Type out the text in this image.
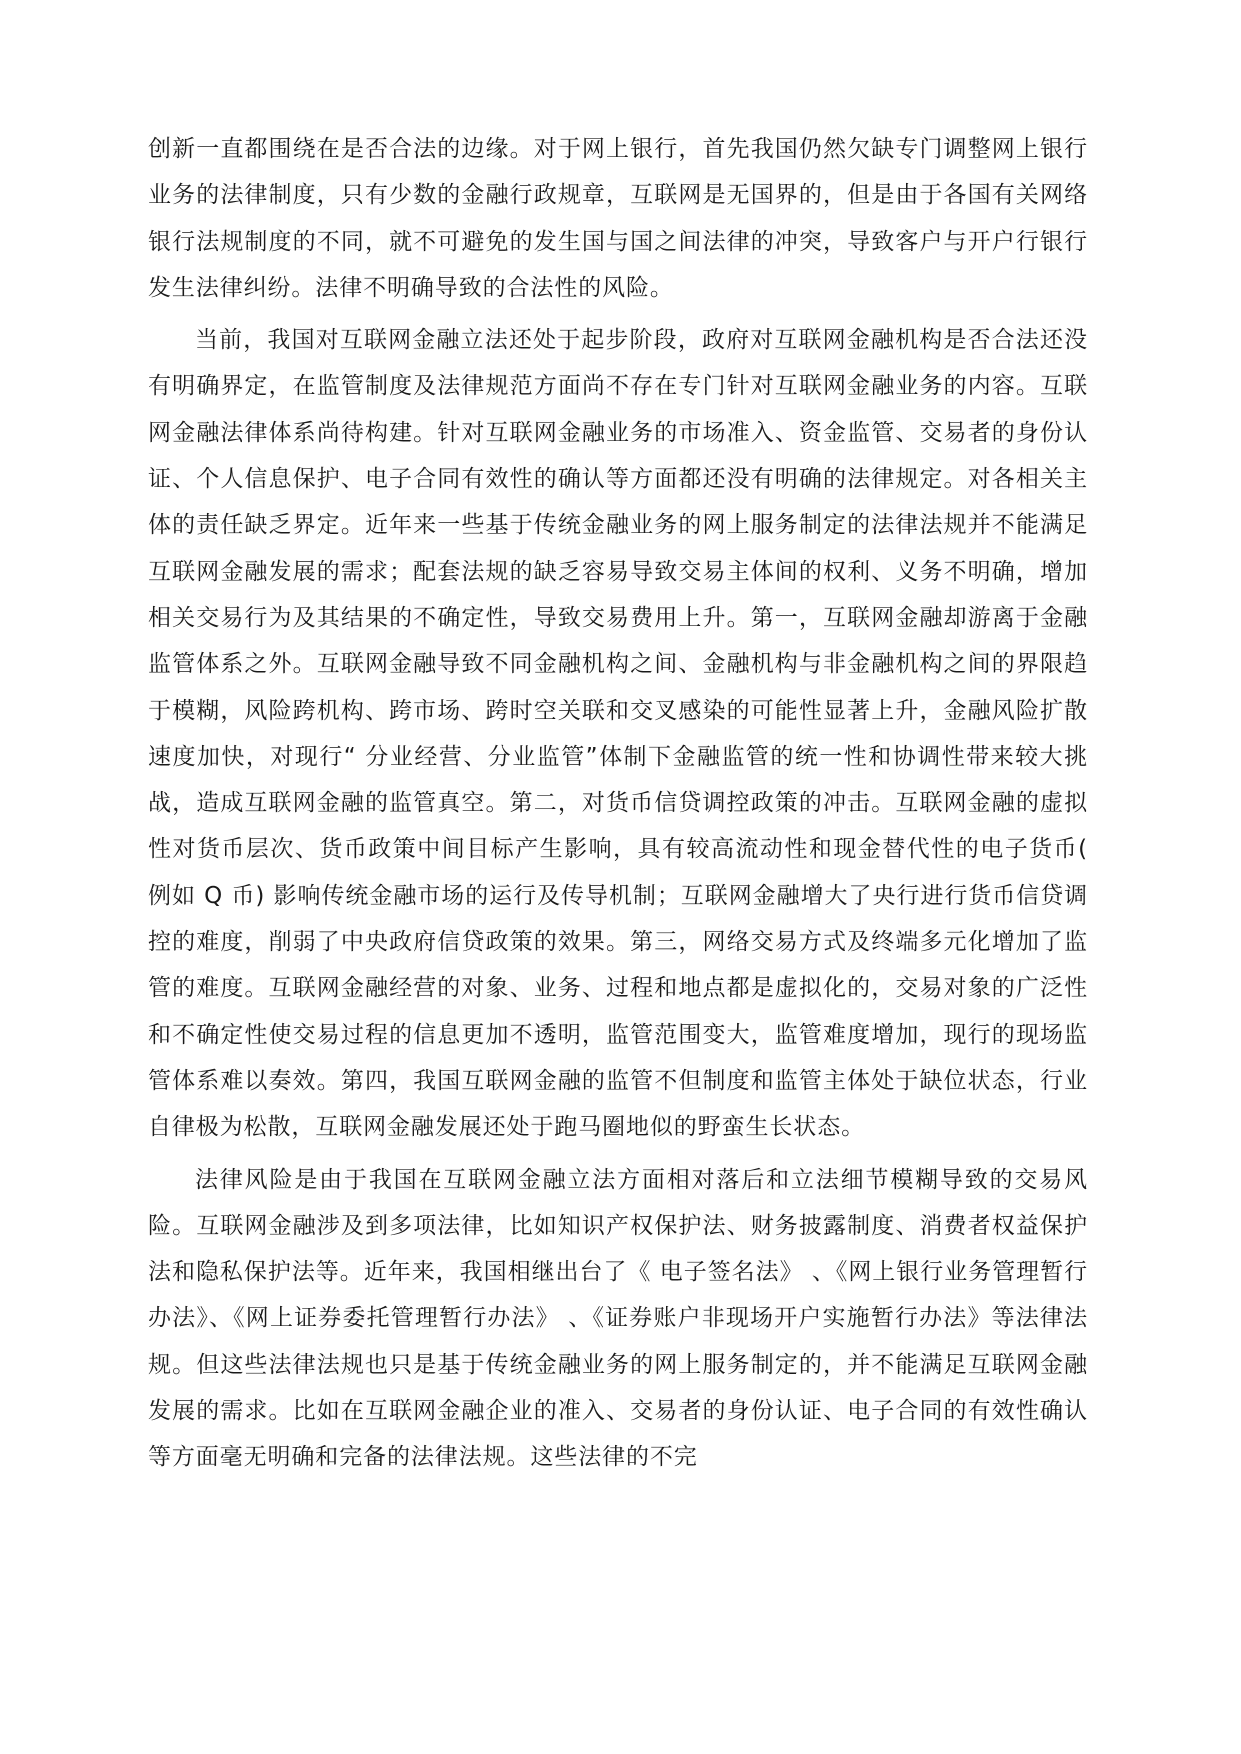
创新一直都围绕在是否合法的边缘。对于网上银行，首先我国仍然欠缺专门调整网上银行业务的法律制度，只有少数的金融行政规章，互联网是无国界的，但是由于各国有关网络银行法规制度的不同，就不可避免的发生国与国之间法律的冲突，导致客户与开户行银行发生法律纠纷。法律不明确导致的合法性的风险。

当前，我国对互联网金融立法还处于起步阶段，政府对互联网金融机构是否合法还没有明确界定，在监管制度及法律规范方面尚不存在专门针对互联网金融业务的内容。互联网金融法律体系尚待构建。针对互联网金融业务的市场准入、资金监管、交易者的身份认证、个人信息保护、电子合同有效性的确认等方面都还没有明确的法律规定。对各相关主体的责任缺乏界定。近年来一些基于传统金融业务的网上服务制定的法律法规并不能满足互联网金融发展的需求；配套法规的缺乏容易导致交易主体间的权利、义务不明确，增加相关交易行为及其结果的不确定性，导致交易费用上升。第一，互联网金融却游离于金融监管体系之外。互联网金融导致不同金融机构之间、金融机构与非金融机构之间的界限趋于模糊，风险跨机构、跨市场、跨时空关联和交叉感染的可能性显著上升，金融风险扩散速度加快，对现行“ 分业经营、分业监管”体制下金融监管的统一性和协调性带来较大挑战，造成互联网金融的监管真空。第二，对货币信贷调控政策的冲击。互联网金融的虚拟性对货币层次、货币政策中间目标产生影响，具有较高流动性和现金替代性的电子货币( 例如 Q 币) 影响传统金融市场的运行及传导机制；互联网金融增大了央行进行货币信贷调控的难度，削弱了中央政府信贷政策的效果。第三，网络交易方式及终端多元化增加了监管的难度。互联网金融经营的对象、业务、过程和地点都是虚拟化的，交易对象的广泛性和不确定性使交易过程的信息更加不透明，监管范围变大，监管难度增加，现行的现场监管体系难以奏效。第四，我国互联网金融的监管不但制度和监管主体处于缺位状态，行业自律极为松散，互联网金融发展还处于跑马圈地似的野蛮生长状态。

法律风险是由于我国在互联网金融立法方面相对落后和立法细节模糊导致的交易风险。互联网金融涉及到多项法律，比如知识产权保护法、财务披露制度、消费者权益保护法和隐私保护法等。近年来，我国相继出台了《 电子签名法》 、《网上银行业务管理暂行办法》、《网上证券委托管理暂行办法》 、《证券账户非现场开户实施暂行办法》等法律法规。但这些法律法规也只是基于传统金融业务的网上服务制定的，并不能满足互联网金融发展的需求。比如在互联网金融企业的准入、交易者的身份认证、电子合同的有效性确认等方面毫无明确和完备的法律法规。这些法律的不完
